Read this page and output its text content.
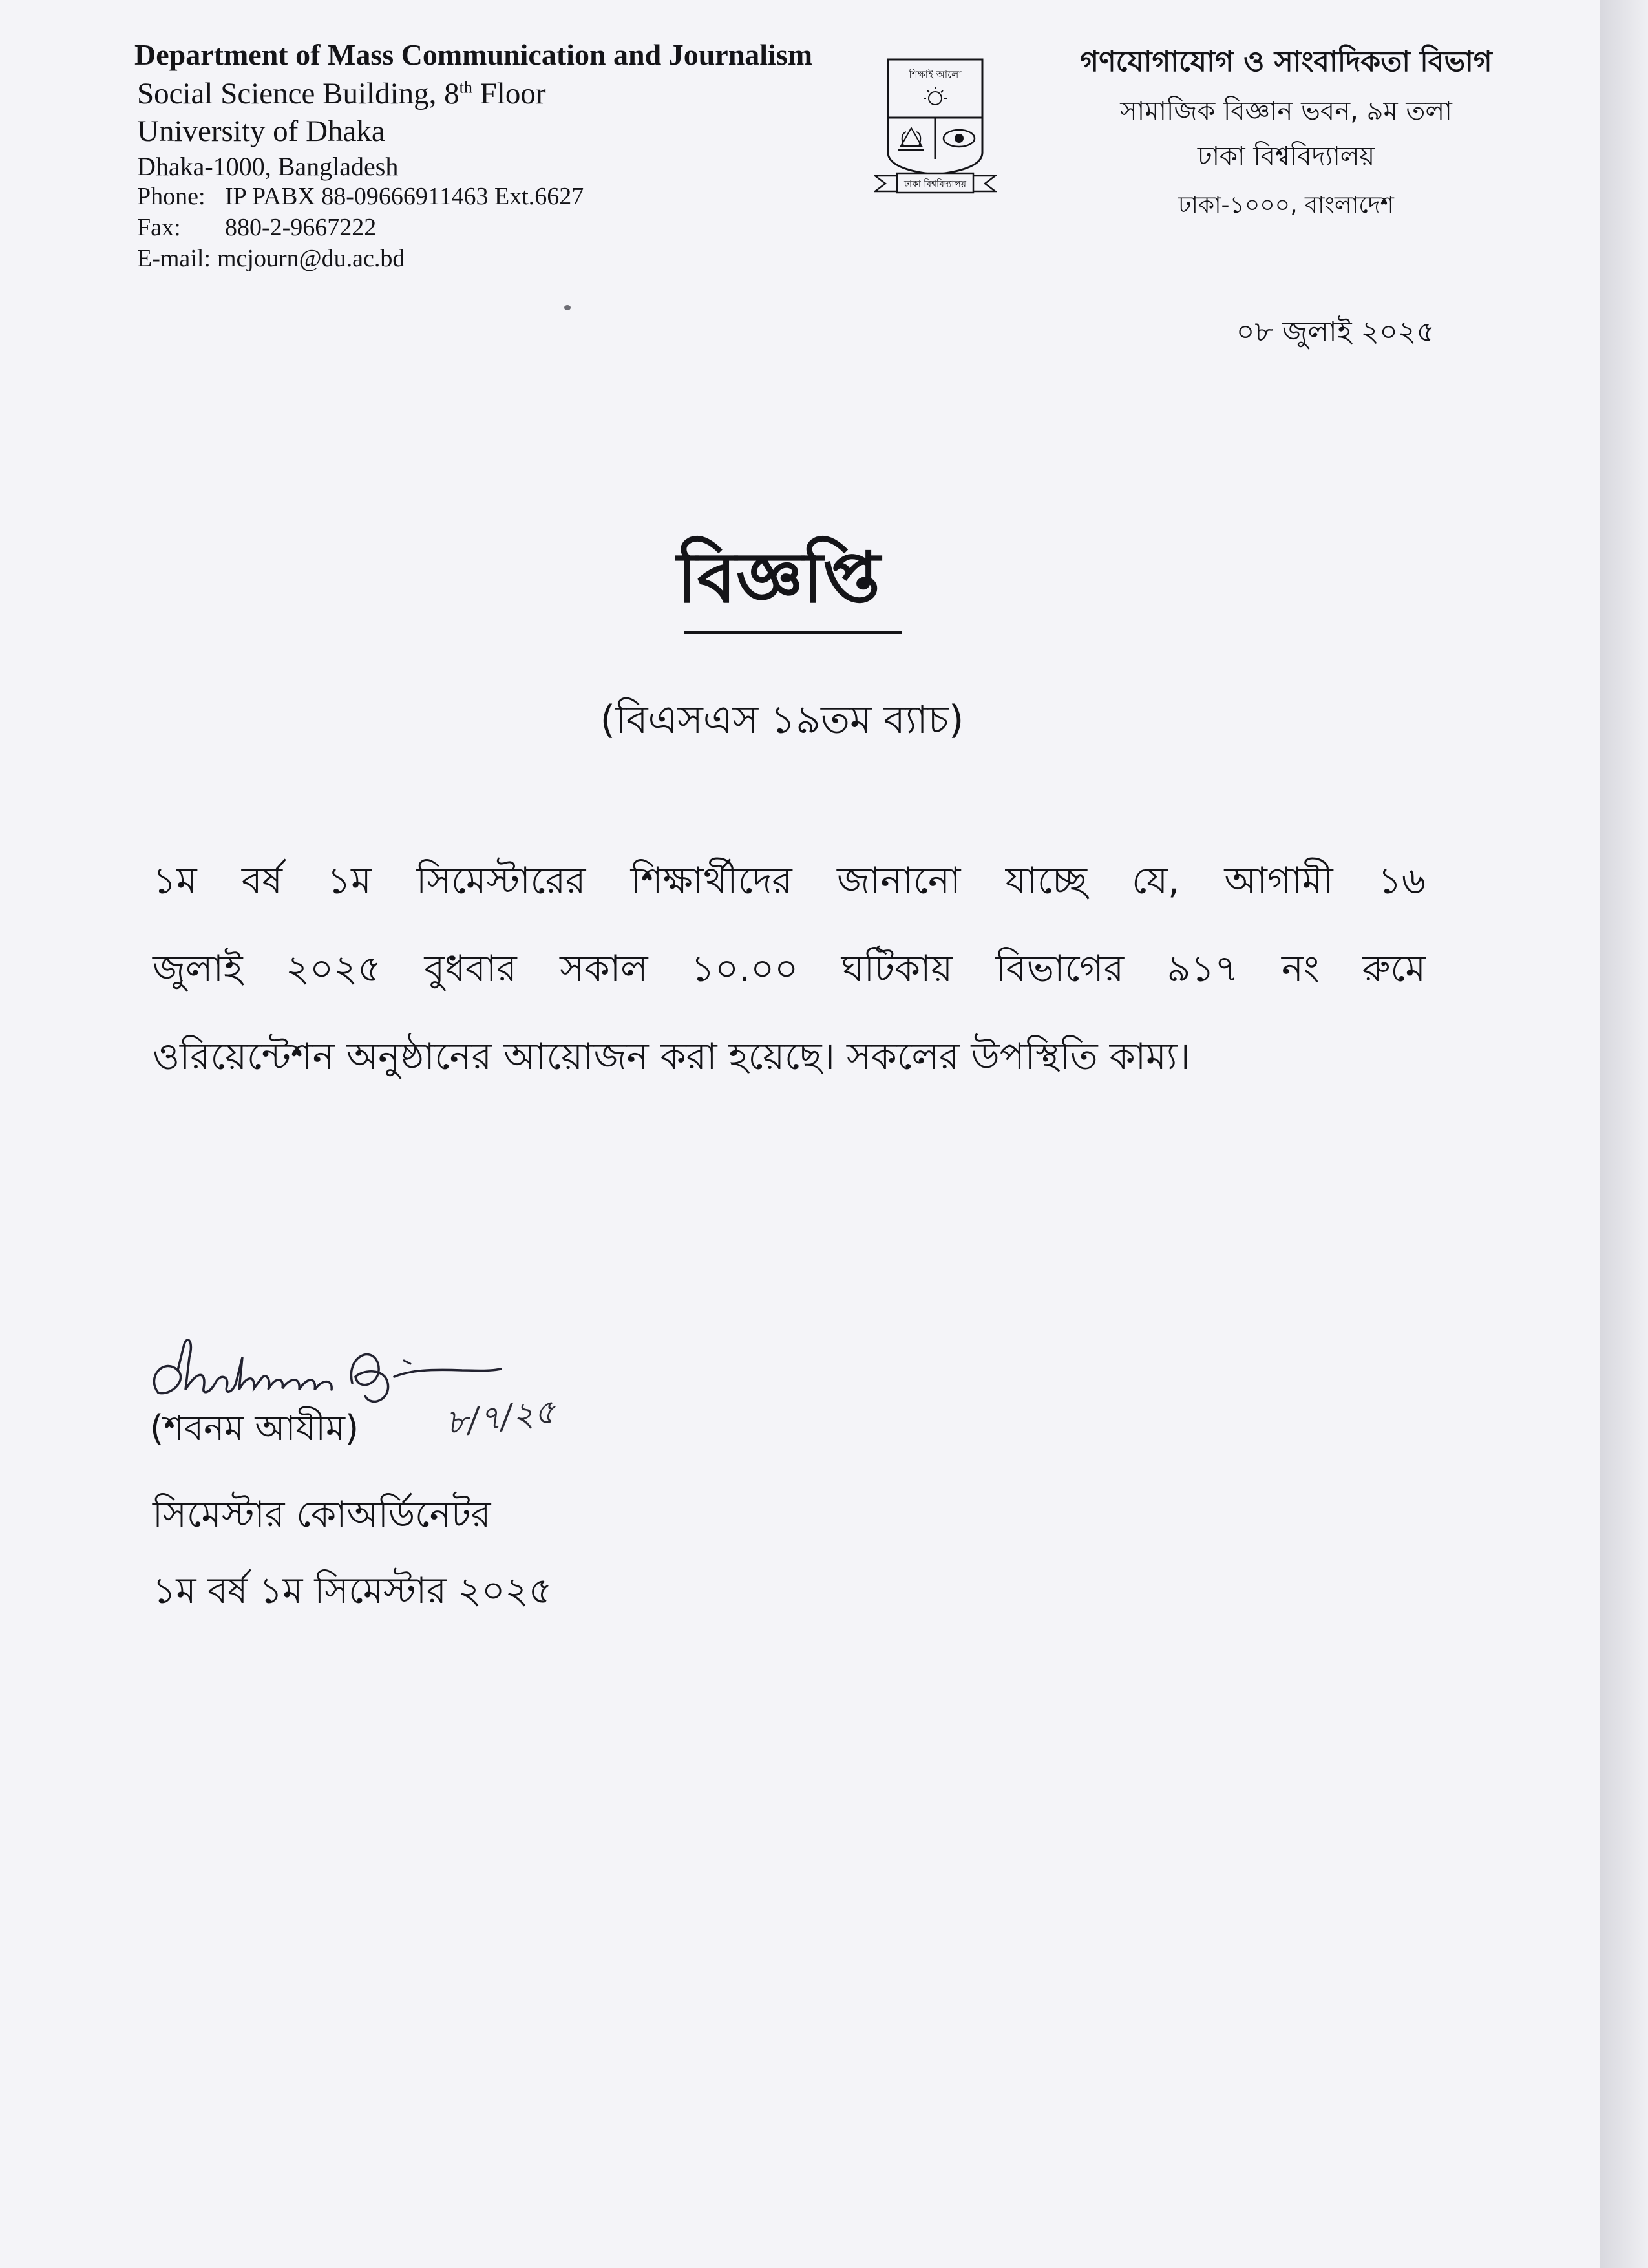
Department of Mass Communication and Journalism
Social Science Building, 8th Floor
University of Dhaka
Dhaka-1000, Bangladesh
Phone: IP PABX 88-09666911463 Ext.6627
Fax: 880-2-9667222
E-mail: mcjourn@du.ac.bd
শিক্ষাই আলো
ঢাকা বিশ্ববিদ্যালয়
গণযোগাযোগ ও সাংবাদিকতা বিভাগ
সামাজিক বিজ্ঞান ভবন, ৯ম তলা
ঢাকা বিশ্ববিদ্যালয়
ঢাকা-১০০০, বাংলাদেশ
০৮ জুলাই ২০২৫
বিজ্ঞপ্তি
(বিএসএস ১৯তম ব্যাচ)
১ম বর্ষ ১ম সিমেস্টারের শিক্ষার্থীদের জানানো যাচ্ছে যে, আগামী ১৬
জুলাই ২০২৫ বুধবার সকাল ১০.০০ ঘটিকায় বিভাগের ৯১৭ নং রুমে
ওরিয়েন্টেশন অনুষ্ঠানের আয়োজন করা হয়েছে। সকলের উপস্থিতি কাম্য।
৮/৭/২৫
(শবনম আযীম)
সিমেস্টার কোঅর্ডিনেটর
১ম বর্ষ ১ম সিমেস্টার ২০২৫
